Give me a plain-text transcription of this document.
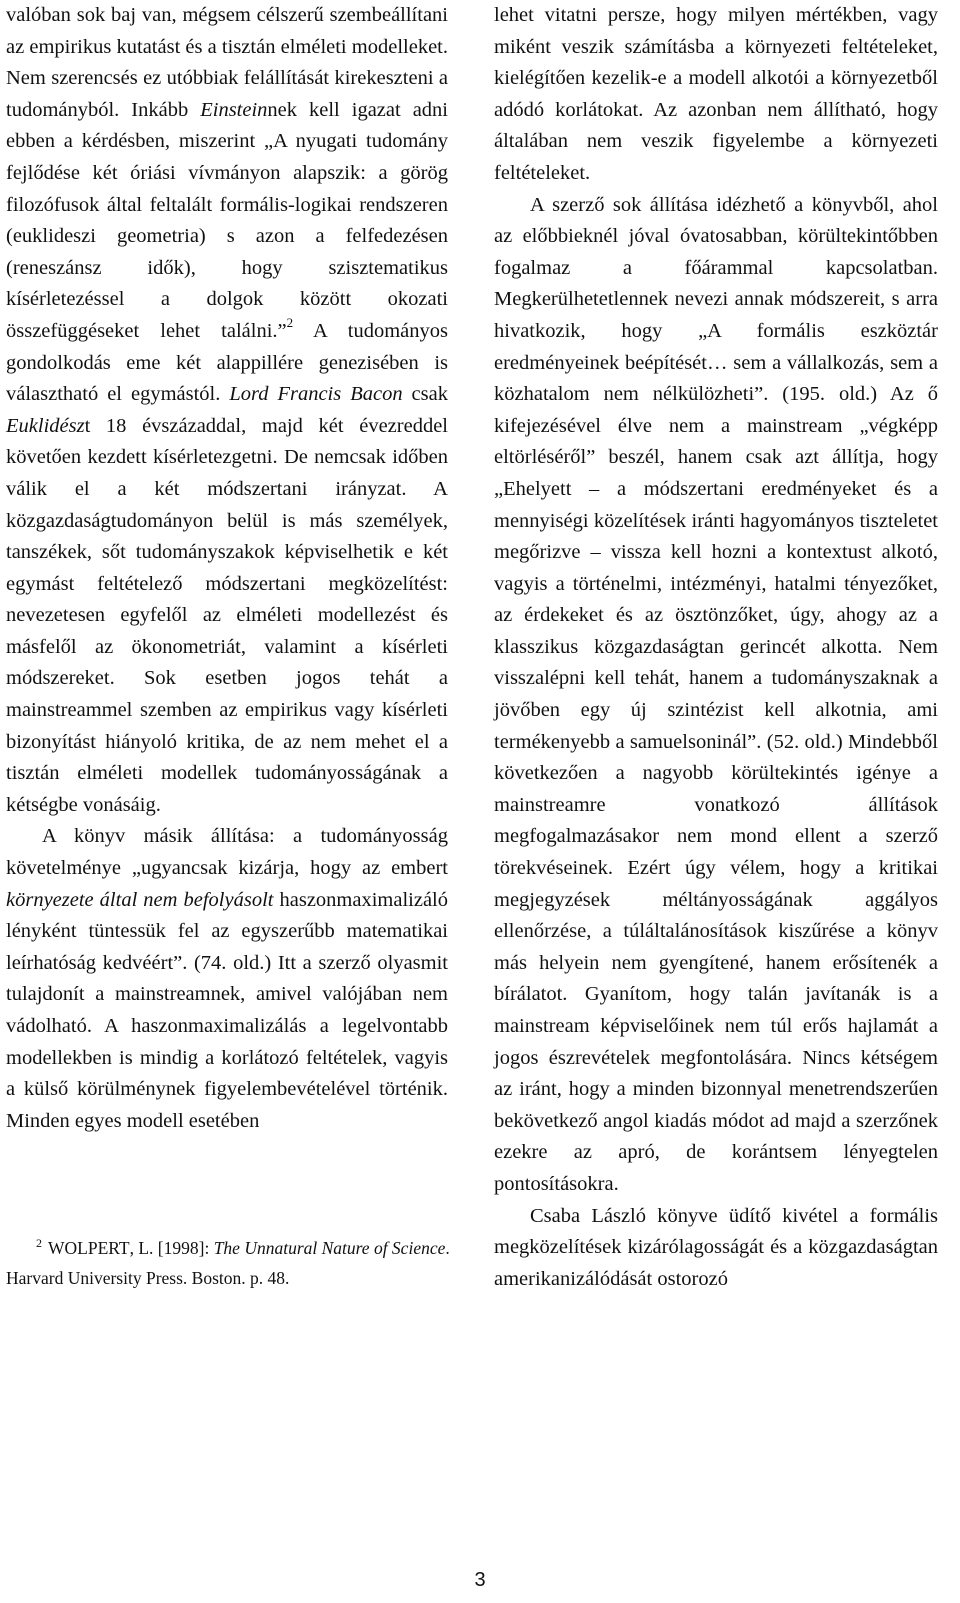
valóban sok baj van, mégsem célszerű szembeállítani az empirikus kutatást és a tisztán elméleti modelleket. Nem szerencsés ez utóbbiak felállítását kirekeszteni a tudományból. Inkább Einsteinnek kell igazat adni ebben a kérdésben, miszerint „A nyugati tudomány fejlődése két óriási vívmányon alapszik: a görög filozófusok által feltalált formális-logikai rendszeren (euklideszi geometria) s azon a felfedezésen (reneszánsz idők), hogy szisztematikus kísérletezéssel a dolgok között okozati összefüggéseket lehet találni.”$^2$ A tudományos gondolkodás eme két alappillére genezisében is választható el egymástól. Lord Francis Bacon csak Euklidészt 18 évszázaddal, majd két évezreddel követően kezdett kísérletezgetni. De nemcsak időben válik el a két módszertani irányzat. A közgazdaságtudományon belül is más személyek, tanszékek, sőt tudományszakok képviselhetik e két egymást feltételező módszertani megközelítést: nevezetesen egyfelől az elméleti modellezést és másfelől az ökonometriát, valamint a kísérleti módszereket. Sok esetben jogos tehát a mainstreammel szemben az empirikus vagy kísérleti bizonyítást hiányoló kritika, de az nem mehet el a tisztán elméleti modellek tudományosságának a kétségbe vonásáig.

A könyv másik állítása: a tudományosság követelménye „ugyancsak kizárja, hogy az embert környezete által nem befolyásolt haszonmaximalizáló lényként tüntessük fel az egyszerűbb matematikai leírhatóság kedvéért”. (74. old.) Itt a szerző olyasmit tulajdonít a mainstreamnek, amivel valójában nem vádolható. A haszonmaximalizálás a legelvontabb modellekben is mindig a korlátozó feltételek, vagyis a külső körülménynek figyelembevételével történik. Minden egyes modell esetében

$^2$ WOLPERT, L. [1998]: The Unnatural Nature of Science. Harvard University Press. Boston. p. 48.

lehet vitatni persze, hogy milyen mértékben, vagy miként veszik számításba a környezeti feltételeket, kielégítően kezelik-e a modell alkotói a környezetből adódó korlátokat. Az azonban nem állítható, hogy általában nem veszik figyelembe a környezeti feltételeket.

A szerző sok állítása idézhető a könyvből, ahol az előbbieknél jóval óvatosabban, körültekintőbben fogalmaz a főárammal kapcsolatban. Megkerülhetetlennek nevezi annak módszereit, s arra hivatkozik, hogy „A formális eszköztár eredményeinek beépítését… sem a vállalkozás, sem a közhatalom nem nélkülözheti”. (195. old.) Az ő kifejezésével élve nem a mainstream „végképp eltörléséről” beszél, hanem csak azt állítja, hogy „Ehelyett – a módszertani eredményeket és a mennyiségi közelítések iránti hagyományos tiszteletet megőrizve – vissza kell hozni a kontextust alkotó, vagyis a történelmi, intézményi, hatalmi tényezőket, az érdekeket és az ösztönzőket, úgy, ahogy az a klasszikus közgazdaságtan gerincét alkotta. Nem visszalépni kell tehát, hanem a tudományszaknak a jövőben egy új szintézist kell alkotnia, ami termékenyebb a samuelsoninál”. (52. old.) Mindebből következően a nagyobb körültekintés igénye a mainstreamre vonatkozó állítások megfogalmazásakor nem mond ellent a szerző törekvéseinek. Ezért úgy vélem, hogy a kritikai megjegyzések méltányosságának aggályos ellenőrzése, a túláltalánosítások kiszűrése a könyv más helyein nem gyengítené, hanem erősítenék a bírálatot. Gyanítom, hogy talán javítanák is a mainstream képviselőinek nem túl erős hajlamát a jogos észrevételek megfontolására. Nincs kétségem az iránt, hogy a minden bizonnyal menetrendszerűen bekövetkező angol kiadás módot ad majd a szerzőnek ezekre az apró, de korántsem lényegtelen pontosításokra.

Csaba László könyve üdítő kivétel a formális megközelítések kizárólagosságát és a közgazdaságtan amerikanizálódását ostorozó

3
